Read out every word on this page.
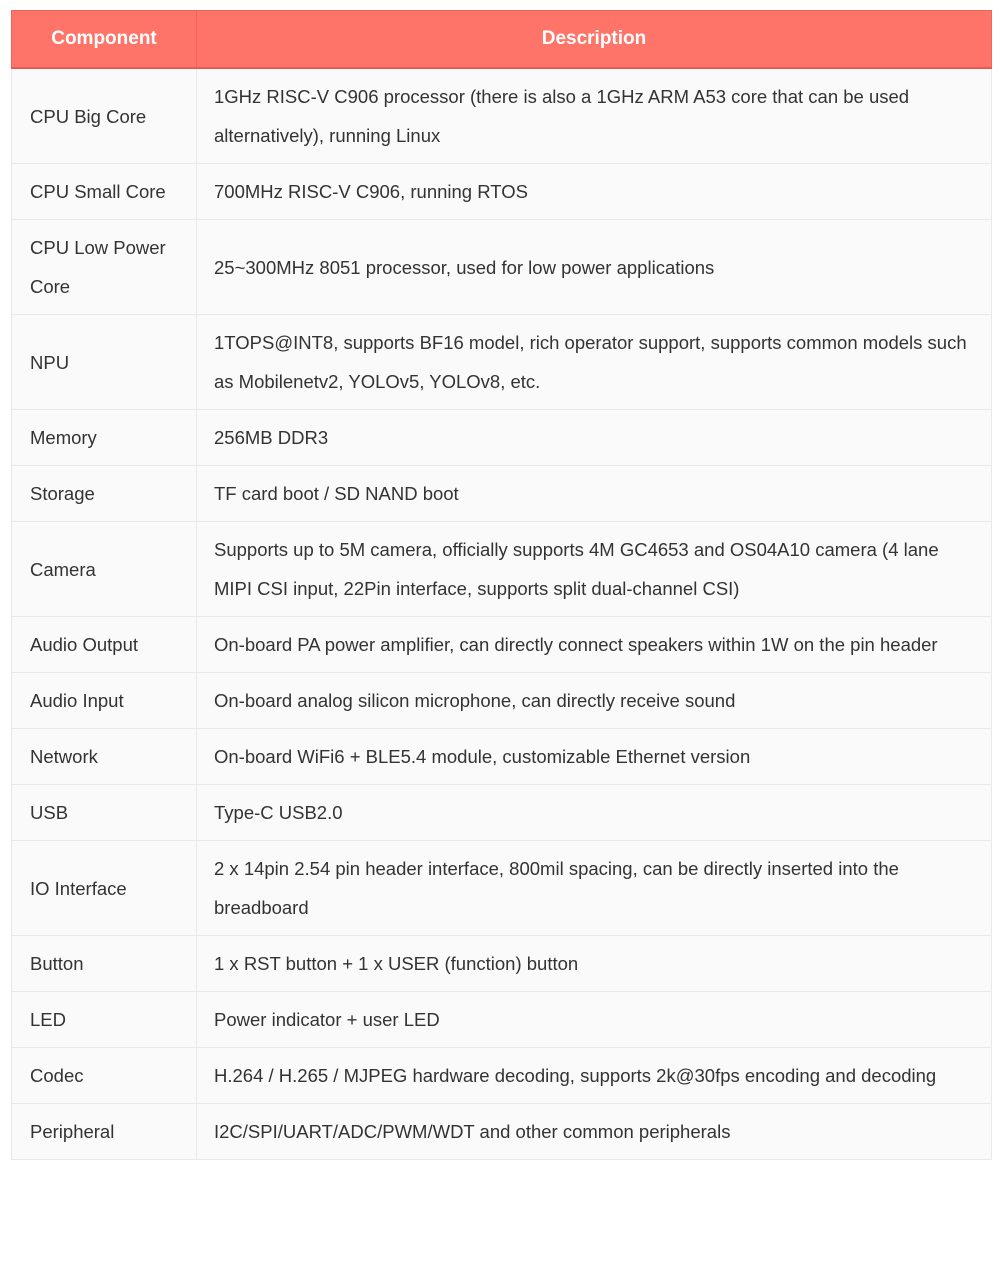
Component	Description
CPU Big Core	1GHz RISC-V C906 processor (there is also a 1GHz ARM A53 core that can be used alternatively), running Linux
CPU Small Core	700MHz RISC-V C906, running RTOS
CPU Low Power Core	25~300MHz 8051 processor, used for low power applications
NPU	1TOPS@INT8, supports BF16 model, rich operator support, supports common models such as Mobilenetv2, YOLOv5, YOLOv8, etc.
Memory	256MB DDR3
Storage	TF card boot / SD NAND boot
Camera	Supports up to 5M camera, officially supports 4M GC4653 and OS04A10 camera (4 lane MIPI CSI input, 22Pin interface, supports split dual-channel CSI)
Audio Output	On-board PA power amplifier, can directly connect speakers within 1W on the pin header
Audio Input	On-board analog silicon microphone, can directly receive sound
Network	On-board WiFi6 + BLE5.4 module, customizable Ethernet version
USB	Type-C USB2.0
IO Interface	2 x 14pin 2.54 pin header interface, 800mil spacing, can be directly inserted into the breadboard
Button	1 x RST button + 1 x USER (function) button
LED	Power indicator + user LED
Codec	H.264 / H.265 / MJPEG hardware decoding, supports 2k@30fps encoding and decoding
Peripheral	I2C/SPI/UART/ADC/PWM/WDT and other common peripherals
